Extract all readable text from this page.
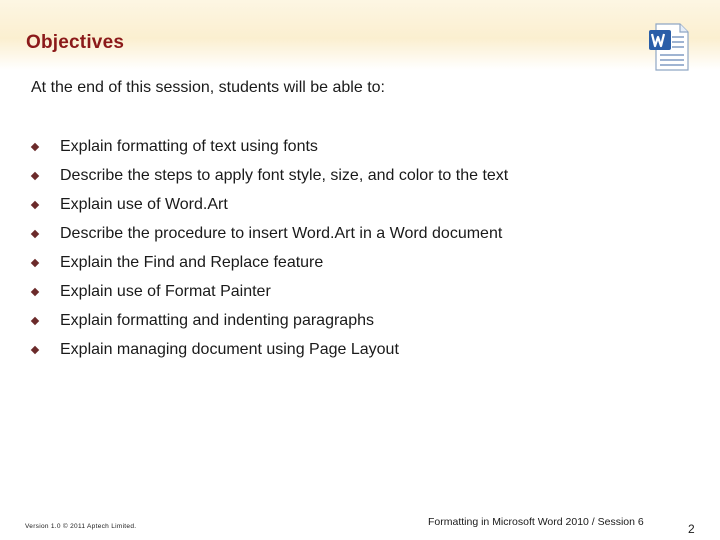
Objectives
At the end of this session, students will be able to:
Explain formatting of text using fonts
Describe the steps to apply font style, size, and color to the text
Explain use of Word.Art
Describe the procedure to insert Word.Art in a Word document
Explain the Find and Replace feature
Explain use of Format Painter
Explain formatting and indenting paragraphs
Explain managing document using Page Layout
Version 1.0 © 2011 Aptech Limited.	Formatting in Microsoft Word 2010 / Session 6	2
